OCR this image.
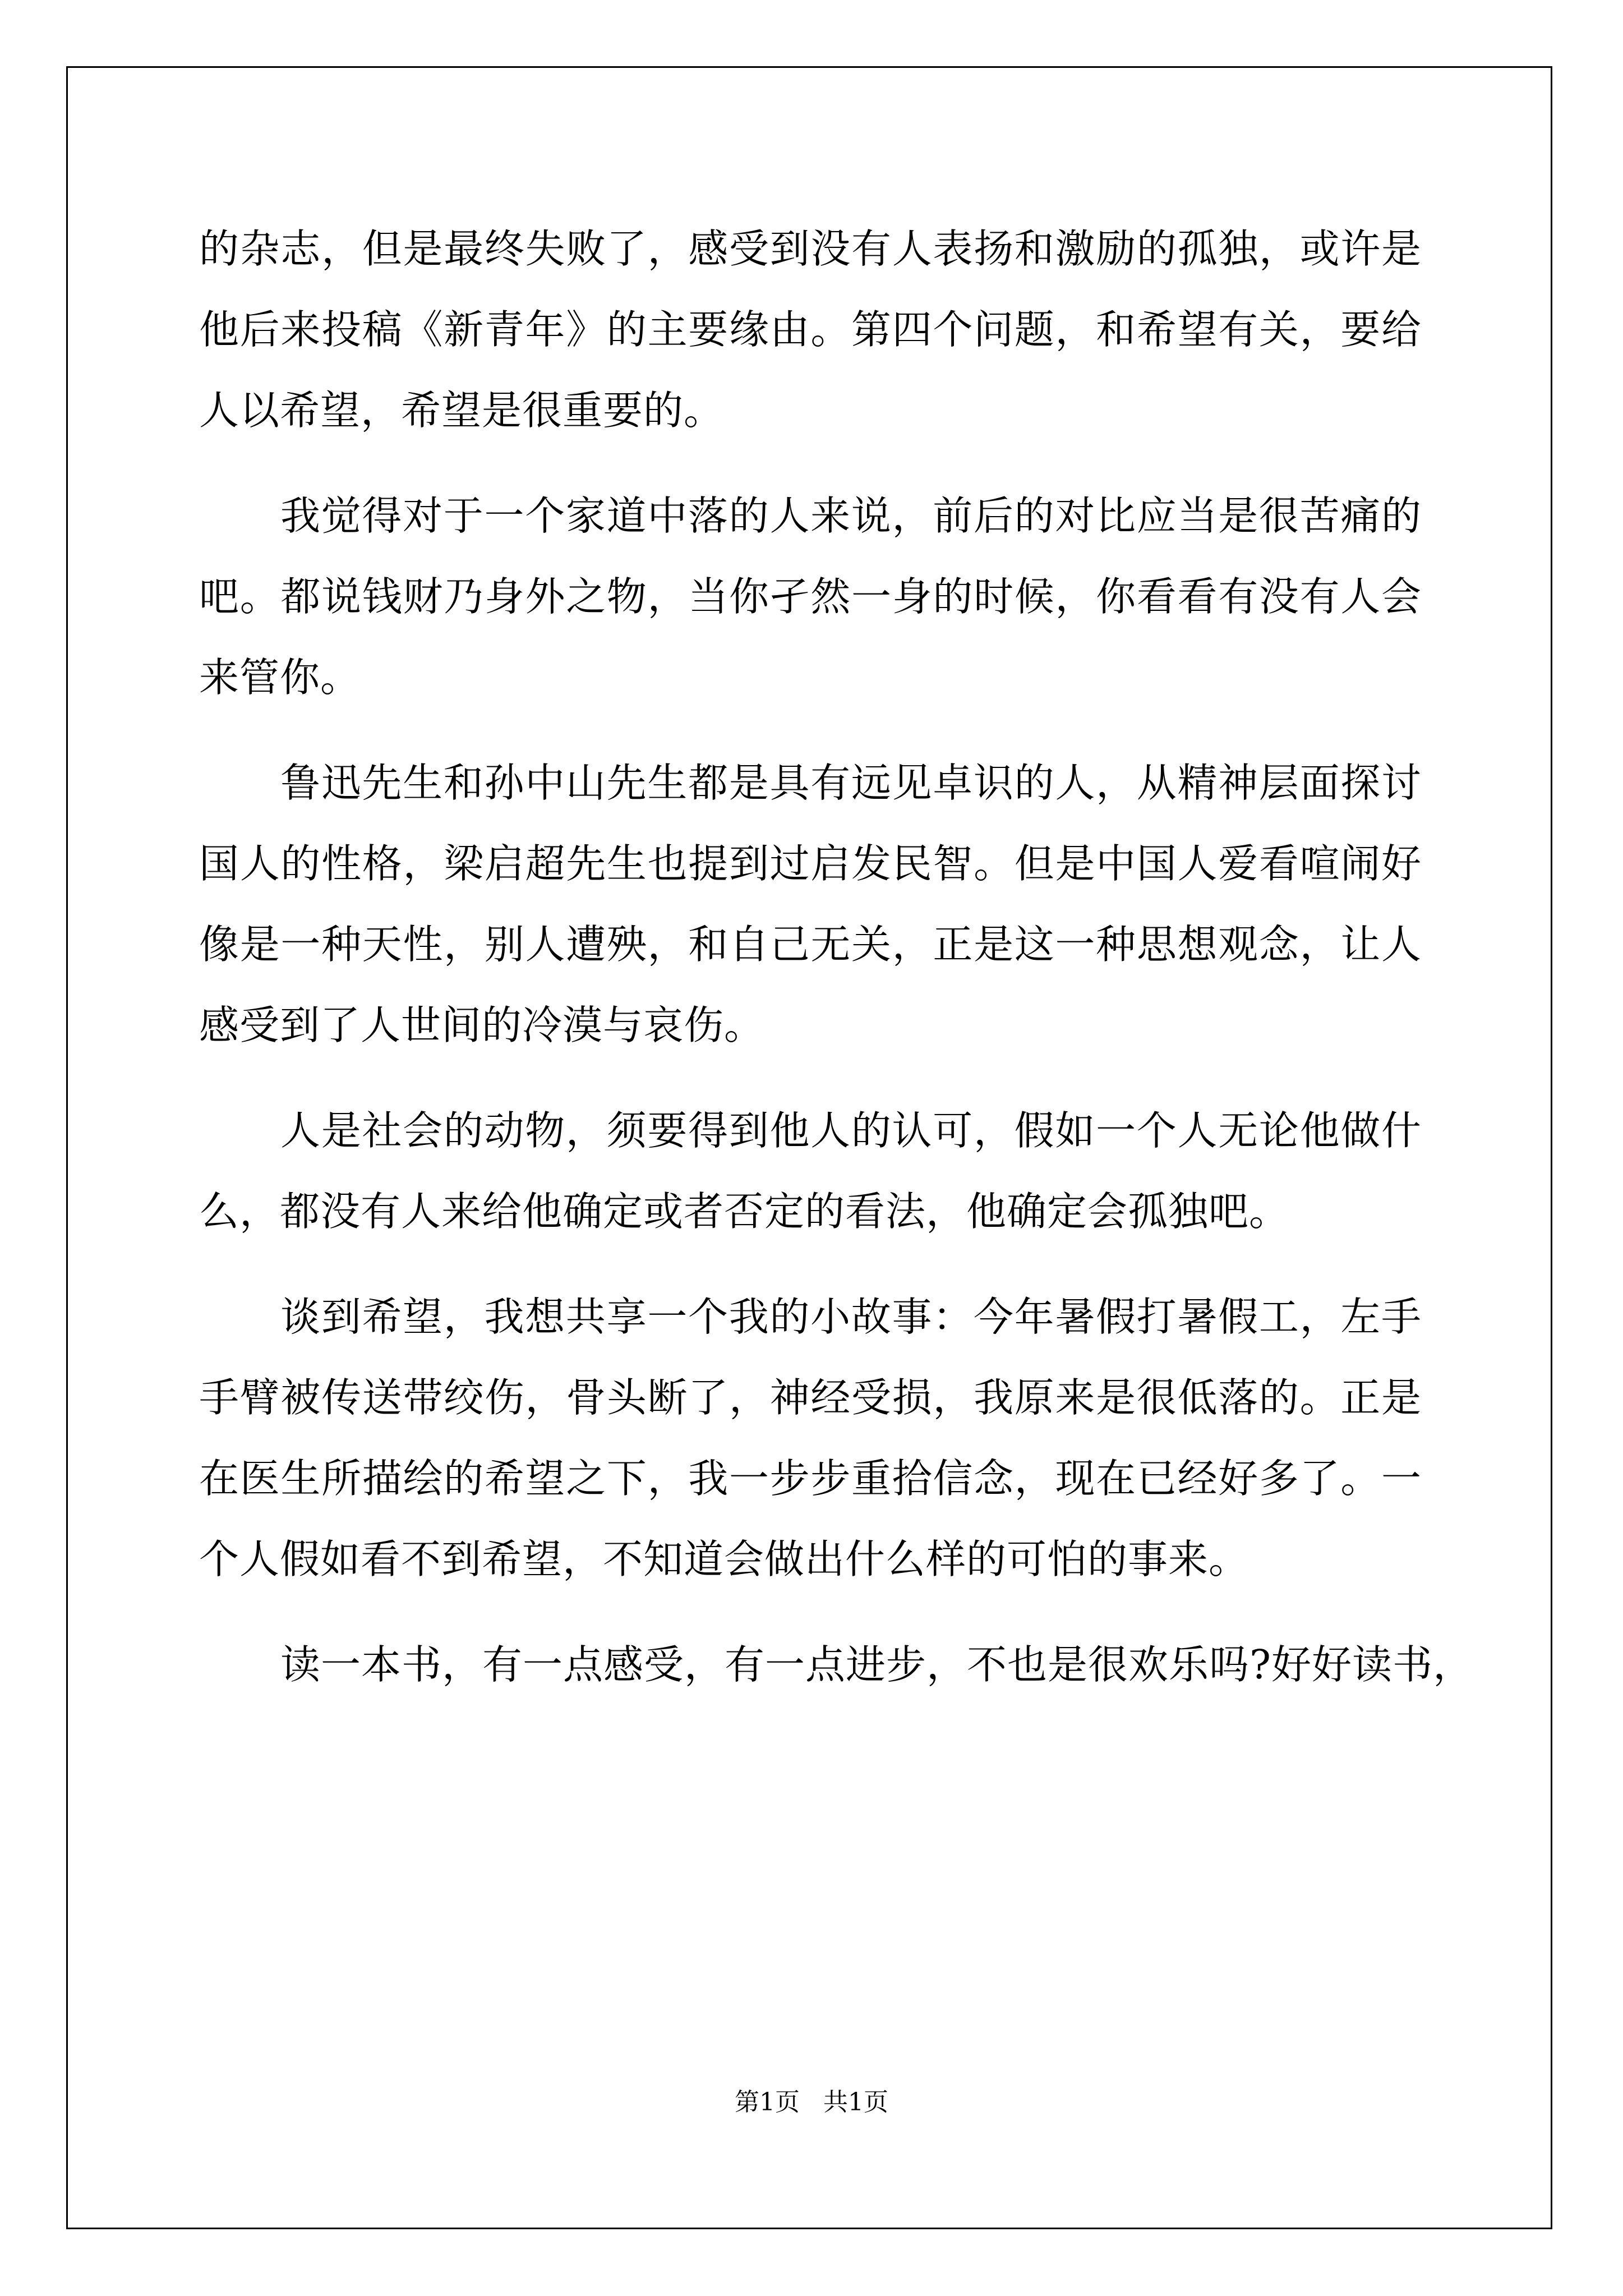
的杂志，但是最终失败了，感受到没有人表扬和激励的孤独，或许是
他后来投稿《新青年》的主要缘由。第四个问题，和希望有关，要给
人以希望，希望是很重要的。
我觉得对于一个家道中落的人来说，前后的对比应当是很苦痛的
吧。都说钱财乃身外之物，当你孑然一身的时候，你看看有没有人会
来管你。
鲁迅先生和孙中山先生都是具有远见卓识的人，从精神层面探讨
国人的性格，梁启超先生也提到过启发民智。但是中国人爱看喧闹好
像是一种天性，别人遭殃，和自己无关，正是这一种思想观念，让人
感受到了人世间的冷漠与哀伤。
人是社会的动物，须要得到他人的认可，假如一个人无论他做什
么，都没有人来给他确定或者否定的看法，他确定会孤独吧。
谈到希望，我想共享一个我的小故事：今年暑假打暑假工，左手
手臂被传送带绞伤，骨头断了，神经受损，我原来是很低落的。正是
在医生所描绘的希望之下，我一步步重拾信念，现在已经好多了。一
个人假如看不到希望，不知道会做出什么样的可怕的事来。
读一本书，有一点感受，有一点进步，不也是很欢乐吗?好好读书，
第1页 共1页
